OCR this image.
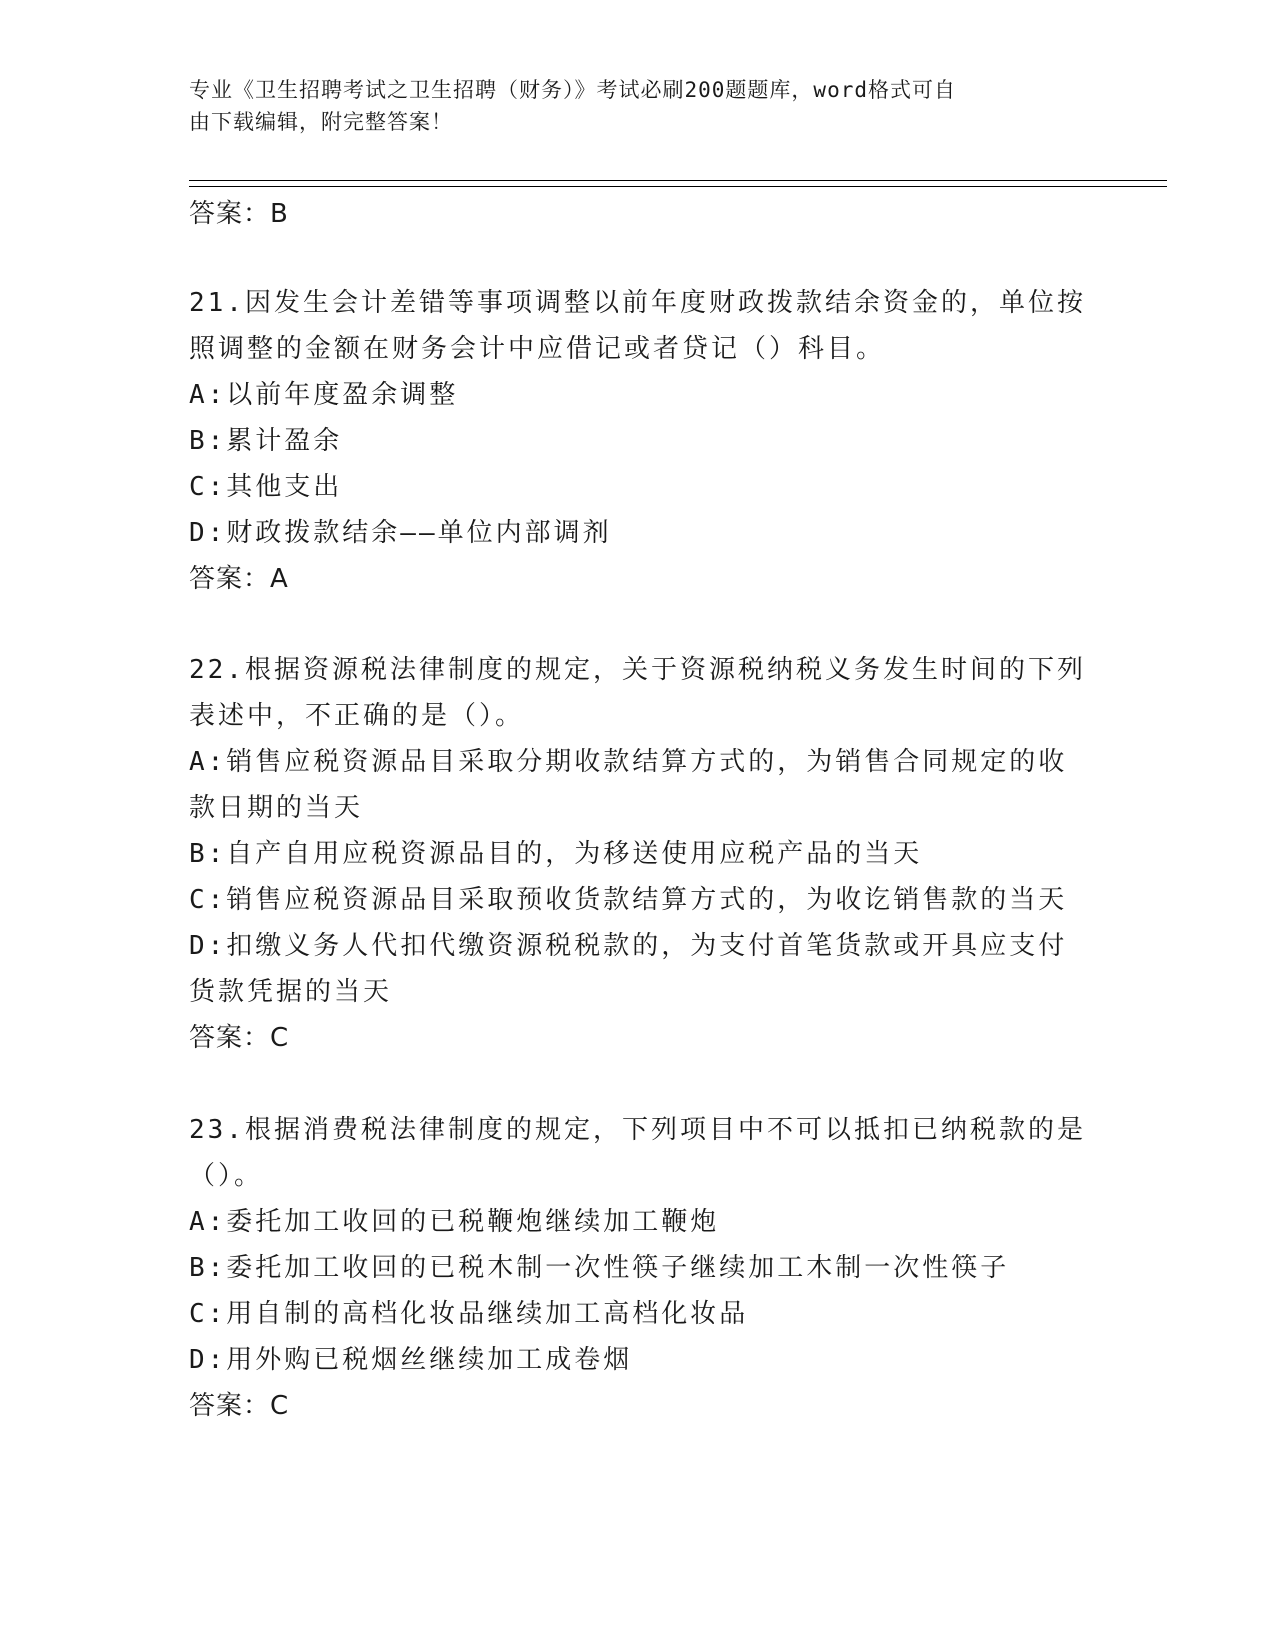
专业《卫生招聘考试之卫生招聘（财务）》考试必刷200题题库，word格式可自
由下载编辑，附完整答案！
答案：B

21.因发生会计差错等事项调整以前年度财政拨款结余资金的，单位按

照调整的金额在财务会计中应借记或者贷记（）科目。

A:以前年度盈余调整

B:累计盈余

C:其他支出

D:财政拨款结余——单位内部调剂

答案：A

22.根据资源税法律制度的规定，关于资源税纳税义务发生时间的下列

表述中，不正确的是（）。

A:销售应税资源品目采取分期收款结算方式的，为销售合同规定的收

款日期的当天

B:自产自用应税资源品目的，为移送使用应税产品的当天

C:销售应税资源品目采取预收货款结算方式的，为收讫销售款的当天

D:扣缴义务人代扣代缴资源税税款的，为支付首笔货款或开具应支付

货款凭据的当天

答案：C

23.根据消费税法律制度的规定，下列项目中不可以抵扣已纳税款的是

（）。

A:委托加工收回的已税鞭炮继续加工鞭炮

B:委托加工收回的已税木制一次性筷子继续加工木制一次性筷子

C:用自制的高档化妆品继续加工高档化妆品

D:用外购已税烟丝继续加工成卷烟

答案：C
